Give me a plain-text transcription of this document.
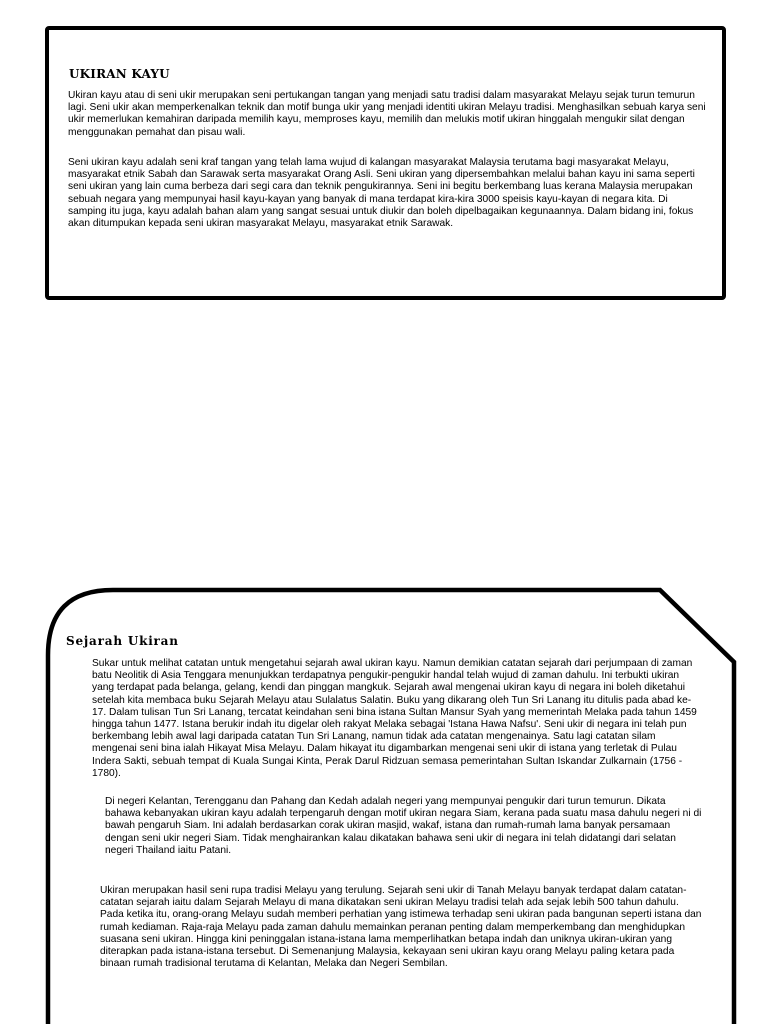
UKIRAN KAYU

Ukiran kayu atau di seni ukir merupakan seni pertukangan tangan yang menjadi satu tradisi dalam masyarakat Melayu sejak turun temurun lagi. Seni ukir akan memperkenalkan teknik dan motif bunga ukir yang menjadi identiti ukiran Melayu tradisi. Menghasilkan sebuah karya seni ukir memerlukan kemahiran daripada memilih kayu, memproses kayu, memilih dan melukis motif ukiran hinggalah mengukir silat dengan menggunakan pemahat dan pisau wali.

Seni ukiran kayu adalah seni kraf tangan yang telah lama wujud di kalangan masyarakat Malaysia terutama bagi masyarakat Melayu, masyarakat etnik Sabah dan Sarawak serta masyarakat Orang Asli. Seni ukiran yang dipersembahkan melalui bahan kayu ini sama seperti seni ukiran yang lain cuma berbeza dari segi cara dan teknik pengukirannya. Seni ini begitu berkembang luas kerana Malaysia merupakan sebuah negara yang mempunyai hasil kayu-kayan yang banyak di mana terdapat kira-kira 3000 speisis kayu-kayan di negara kita. Di samping itu juga, kayu adalah bahan alam yang sangat sesuai untuk diukir dan boleh dipelbagaikan kegunaannya. Dalam bidang ini, fokus akan ditumpukan kepada seni ukiran masyarakat Melayu, masyarakat etnik Sarawak.

Sejarah Ukiran

Sukar untuk melihat catatan untuk mengetahui sejarah awal ukiran kayu. Namun demikian catatan sejarah dari perjumpaan di zaman batu Neolitik di Asia Tenggara menunjukkan terdapatnya pengukir-pengukir handal telah wujud di zaman dahulu. Ini terbukti ukiran yang terdapat pada belanga, gelang, kendi dan pinggan mangkuk. Sejarah awal mengenai ukiran kayu di negara ini boleh diketahui setelah kita membaca buku Sejarah Melayu atau Sulalatus Salatin. Buku yang dikarang oleh Tun Sri Lanang itu ditulis pada abad ke-17. Dalam tulisan Tun Sri Lanang, tercatat keindahan seni bina istana Sultan Mansur Syah yang memerintah Melaka pada tahun 1459 hingga tahun 1477. Istana berukir indah itu digelar oleh rakyat Melaka sebagai 'Istana Hawa Nafsu'. Seni ukir di negara ini telah pun berkembang lebih awal lagi daripada catatan Tun Sri Lanang, namun tidak ada catatan mengenainya. Satu lagi catatan silam mengenai seni bina ialah Hikayat Misa Melayu. Dalam hikayat itu digambarkan mengenai seni ukir di istana yang terletak di Pulau Indera Sakti, sebuah tempat di Kuala Sungai Kinta, Perak Darul Ridzuan semasa pemerintahan Sultan Iskandar Zulkarnain (1756 - 1780).

Di negeri Kelantan, Terengganu dan Pahang dan Kedah adalah negeri yang mempunyai pengukir dari turun temurun. Dikata bahawa kebanyakan ukiran kayu adalah terpengaruh dengan motif ukiran negara Siam, kerana pada suatu masa dahulu negeri ni di bawah pengaruh Siam. Ini adalah berdasarkan corak ukiran masjid, wakaf, istana dan rumah-rumah lama banyak persamaan dengan seni ukir negeri Siam. Tidak menghairankan kalau dikatakan bahawa seni ukir di negara ini telah didatangi dari selatan negeri Thailand iaitu Patani.

Ukiran merupakan hasil seni rupa tradisi Melayu yang terulung. Sejarah seni ukir di Tanah Melayu banyak terdapat dalam catatan-catatan sejarah iaitu dalam Sejarah Melayu di mana dikatakan seni ukiran Melayu tradisi telah ada sejak lebih 500 tahun dahulu. Pada ketika itu, orang-orang Melayu sudah memberi perhatian yang istimewa terhadap seni ukiran pada bangunan seperti istana dan rumah kediaman. Raja-raja Melayu pada zaman dahulu memainkan peranan penting dalam memperkembang dan menghidupkan suasana seni ukiran. Hingga kini peninggalan istana-istana lama memperlihatkan betapa indah dan uniknya ukiran-ukiran yang diterapkan pada istana-istana tersebut. Di Semenanjung Malaysia, kekayaan seni ukiran kayu orang Melayu paling ketara pada binaan rumah tradisional terutama di Kelantan, Melaka dan Negeri Sembilan.
